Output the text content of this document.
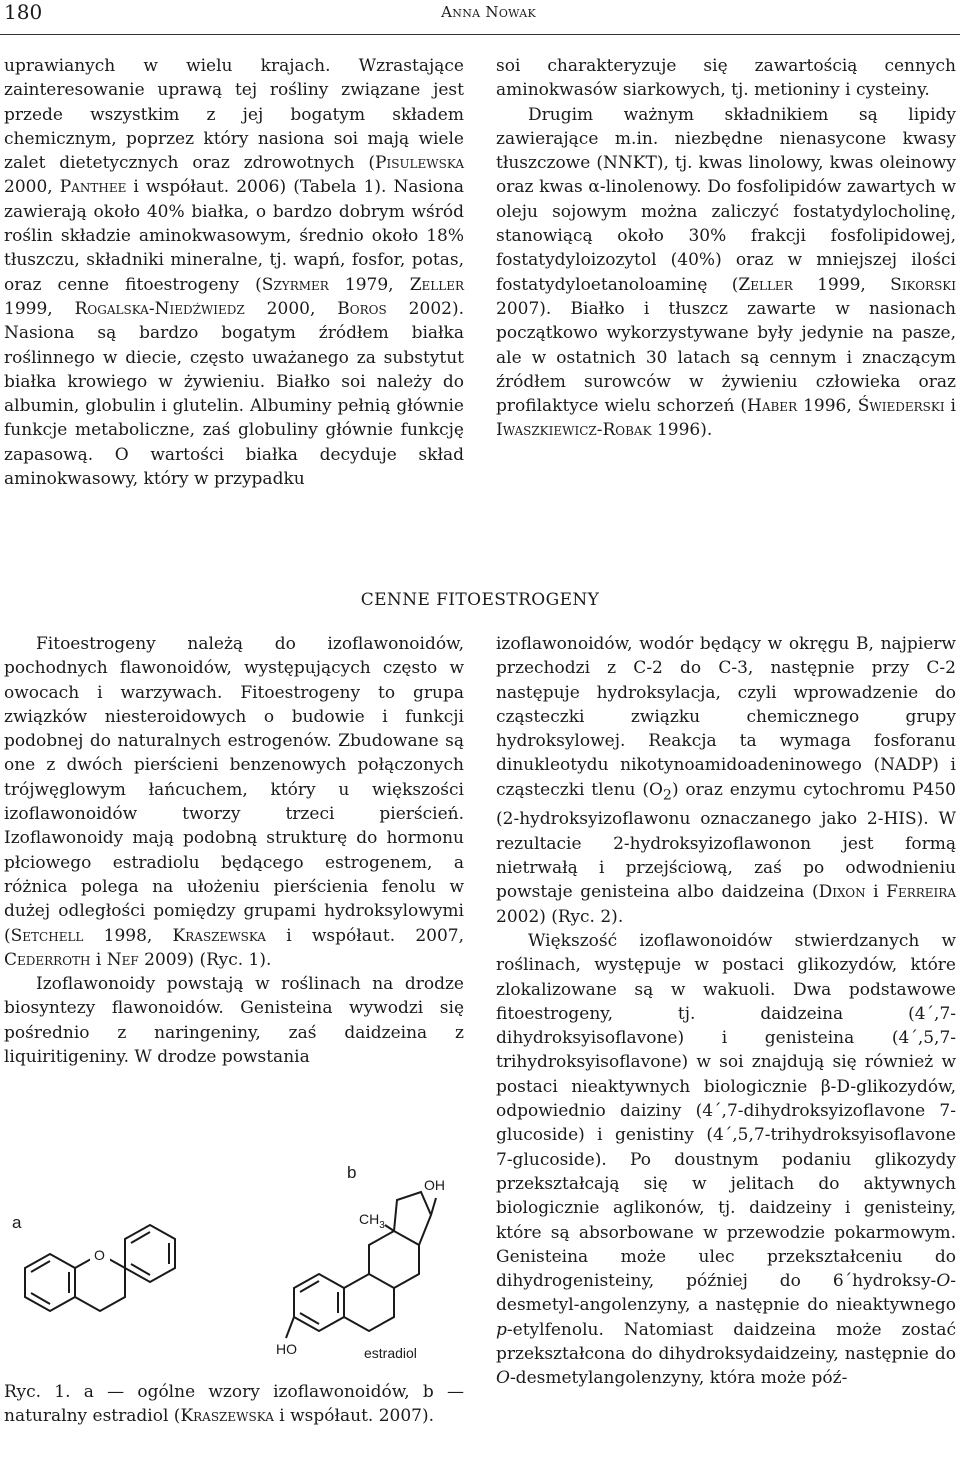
180	Anna Nowak

uprawianych w wielu krajach. Wzrastające zainteresowanie uprawą tej rośliny związane jest przede wszystkim z jej bogatym składem chemicznym, poprzez który nasiona soi mają wiele zalet dietetycznych oraz zdrowotnych (Pisulewska 2000, Panthee i współaut. 2006) (Tabela 1). Nasiona zawierają około 40% białka, o bardzo dobrym wśród roślin składzie aminokwasowym, średnio około 18% tłuszczu, składniki mineralne, tj. wapń, fosfor, potas, oraz cenne fitoestrogeny (Szyrmer 1979, Zeller 1999, Rogalska-Niedźwiedz 2000, Boros 2002). Nasiona są bardzo bogatym źródłem białka roślinnego w diecie, często uważanego za substytut białka krowiego w żywieniu. Białko soi należy do albumin, globulin i glutelin. Albuminy pełnią głównie funkcje metaboliczne, zaś globuliny głównie funkcję zapasową. O wartości białka decyduje skład aminokwasowy, który w przypadku

soi charakteryzuje się zawartością cennych aminokwasów siarkowych, tj. metioniny i cysteiny.

Drugim ważnym składnikiem są lipidy zawierające m.in. niezbędne nienasycone kwasy tłuszczowe (NNKT), tj. kwas linolowy, kwas oleinowy oraz kwas α-linolenowy. Do fosfolipidów zawartych w oleju sojowym można zaliczyć fostatydylocholinę, stanowiącą około 30% frakcji fosfolipidowej, fostatydyloizozytol (40%) oraz w mniejszej ilości fostatydyloetanoloaminę (Zeller 1999, Sikorski 2007). Białko i tłuszcz zawarte w nasionach początkowo wykorzystywane były jedynie na pasze, ale w ostatnich 30 latach są cennym i znaczącym źródłem surowców w żywieniu człowieka oraz profilaktyce wielu schorzeń (Haber 1996, Świederski i Iwaszkiewicz-Robak 1996).

CENNE FITOESTROGENY

Fitoestrogeny należą do izoflawonoidów, pochodnych flawonoidów, występujących często w owocach i warzywach. Fitoestrogeny to grupa związków niesteroidowych o budowie i funkcji podobnej do naturalnych estrogenów. Zbudowane są one z dwóch pierścieni benzenowych połączonych trójwęglowym łańcuchem, który u większości izoflawonoidów tworzy trzeci pierścień. Izoflawonoidy mają podobną strukturę do hormonu płciowego estradiolu będącego estrogenem, a różnica polega na ułożeniu pierścienia fenolu w dużej odległości pomiędzy grupami hydroksylowymi (Setchell 1998, Kraszewska i współaut. 2007, Cederroth i Nef 2009) (Ryc. 1).

Izoflawonoidy powstają w roślinach na drodze biosyntezy flawonoidów. Genisteina wywodzi się pośrednio z naringeniny, zaś daidzeina z liquiritigeniny. W drodze powstania

a
b
O
OH
$CH_3$
HO	estradiol
Ryc. 1. a — ogólne wzory izoflawonoidów, b — naturalny estradiol (Kraszewska i współaut. 2007).

izoflawonoidów, wodór będący w okręgu B, najpierw przechodzi z C-2 do C-3, następnie przy C-2 następuje hydroksylacja, czyli wprowadzenie do cząsteczki związku chemicznego grupy hydroksylowej. Reakcja ta wymaga fosforanu dinukleotydu nikotynoamidoadeninowego (NADP) i cząsteczki tlenu $(O_2)$ oraz enzymu cytochromu P450 (2-hydroksyizoflawonu oznaczanego jako 2-HIS). W rezultacie 2-hydroksyizoflawonon jest formą nietrwałą i przejściową, zaś po odwodnieniu powstaje genisteina albo daidzeina (Dixon i Ferreira 2002) (Ryc. 2).

Większość izoflawonoidów stwierdzanych w roślinach, występuje w postaci glikozydów, które zlokalizowane są w wakuoli. Dwa podstawowe fitoestrogeny, tj. daidzeina (4´,7-dihydroksyisoflavone) i genisteina (4´,5,7-trihydroksyisoflavone) w soi znajdują się również w postaci nieaktywnych biologicznie β-D-glikozydów, odpowiednio daiziny (4´,7-dihydroksyizoflavone 7-glucoside) i genistiny (4´,5,7-trihydroksyisoflavone 7-glucoside). Po doustnym podaniu glikozydy przekształcają się w jelitach do aktywnych biologicznie aglikonów, tj. daidzeiny i genisteiny, które są absorbowane w przewodzie pokarmowym. Genisteina może ulec przekształceniu do dihydrogenisteiny, później do 6´hydroksy-O-desmetyl-angolenzyny, a następnie do nieaktywnego p-etylfenolu. Natomiast daidzeina może zostać przekształcona do dihydroksydaidzeiny, następnie do O-desmetylangolenzyny, która może póź-
